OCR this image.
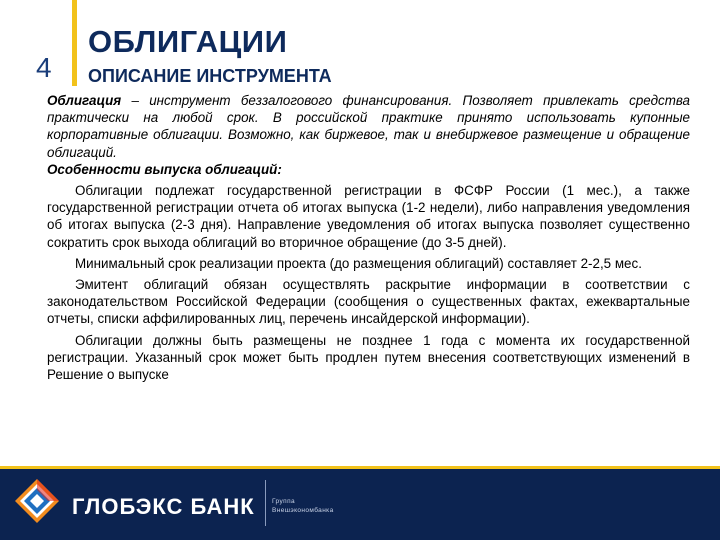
4
ОБЛИГАЦИИ
ОПИСАНИЕ ИНСТРУМЕНТА

Облигация – инструмент беззалогового финансирования. Позволяет привлекать средства практически на любой срок. В российской практике принято использовать купонные корпоративные облигации. Возможно, как биржевое, так и внебиржевое размещение и обращение облигаций.

Особенности выпуска облигаций:

Облигации подлежат государственной регистрации в ФСФР России (1 мес.), а также государственной регистрации отчета об итогах выпуска (1-2 недели), либо направления уведомления об итогах выпуска (2-3 дня). Направление уведомления об итогах выпуска позволяет существенно сократить срок выхода облигаций во вторичное обращение (до 3-5 дней).

Минимальный срок реализации проекта (до размещения облигаций) составляет 2-2,5 мес.

Эмитент облигаций обязан осуществлять раскрытие информации в соответствии с законодательством Российской Федерации (сообщения о существенных фактах, ежеквартальные отчеты, списки аффилированных лиц, перечень инсайдерской информации).

Облигации должны быть размещены не позднее 1 года с момента их государственной регистрации. Указанный срок может быть продлен путем внесения соответствующих изменений в Решение о выпуске

ГЛОБЭКС БАНК	Группа
Внешэкономбанка
